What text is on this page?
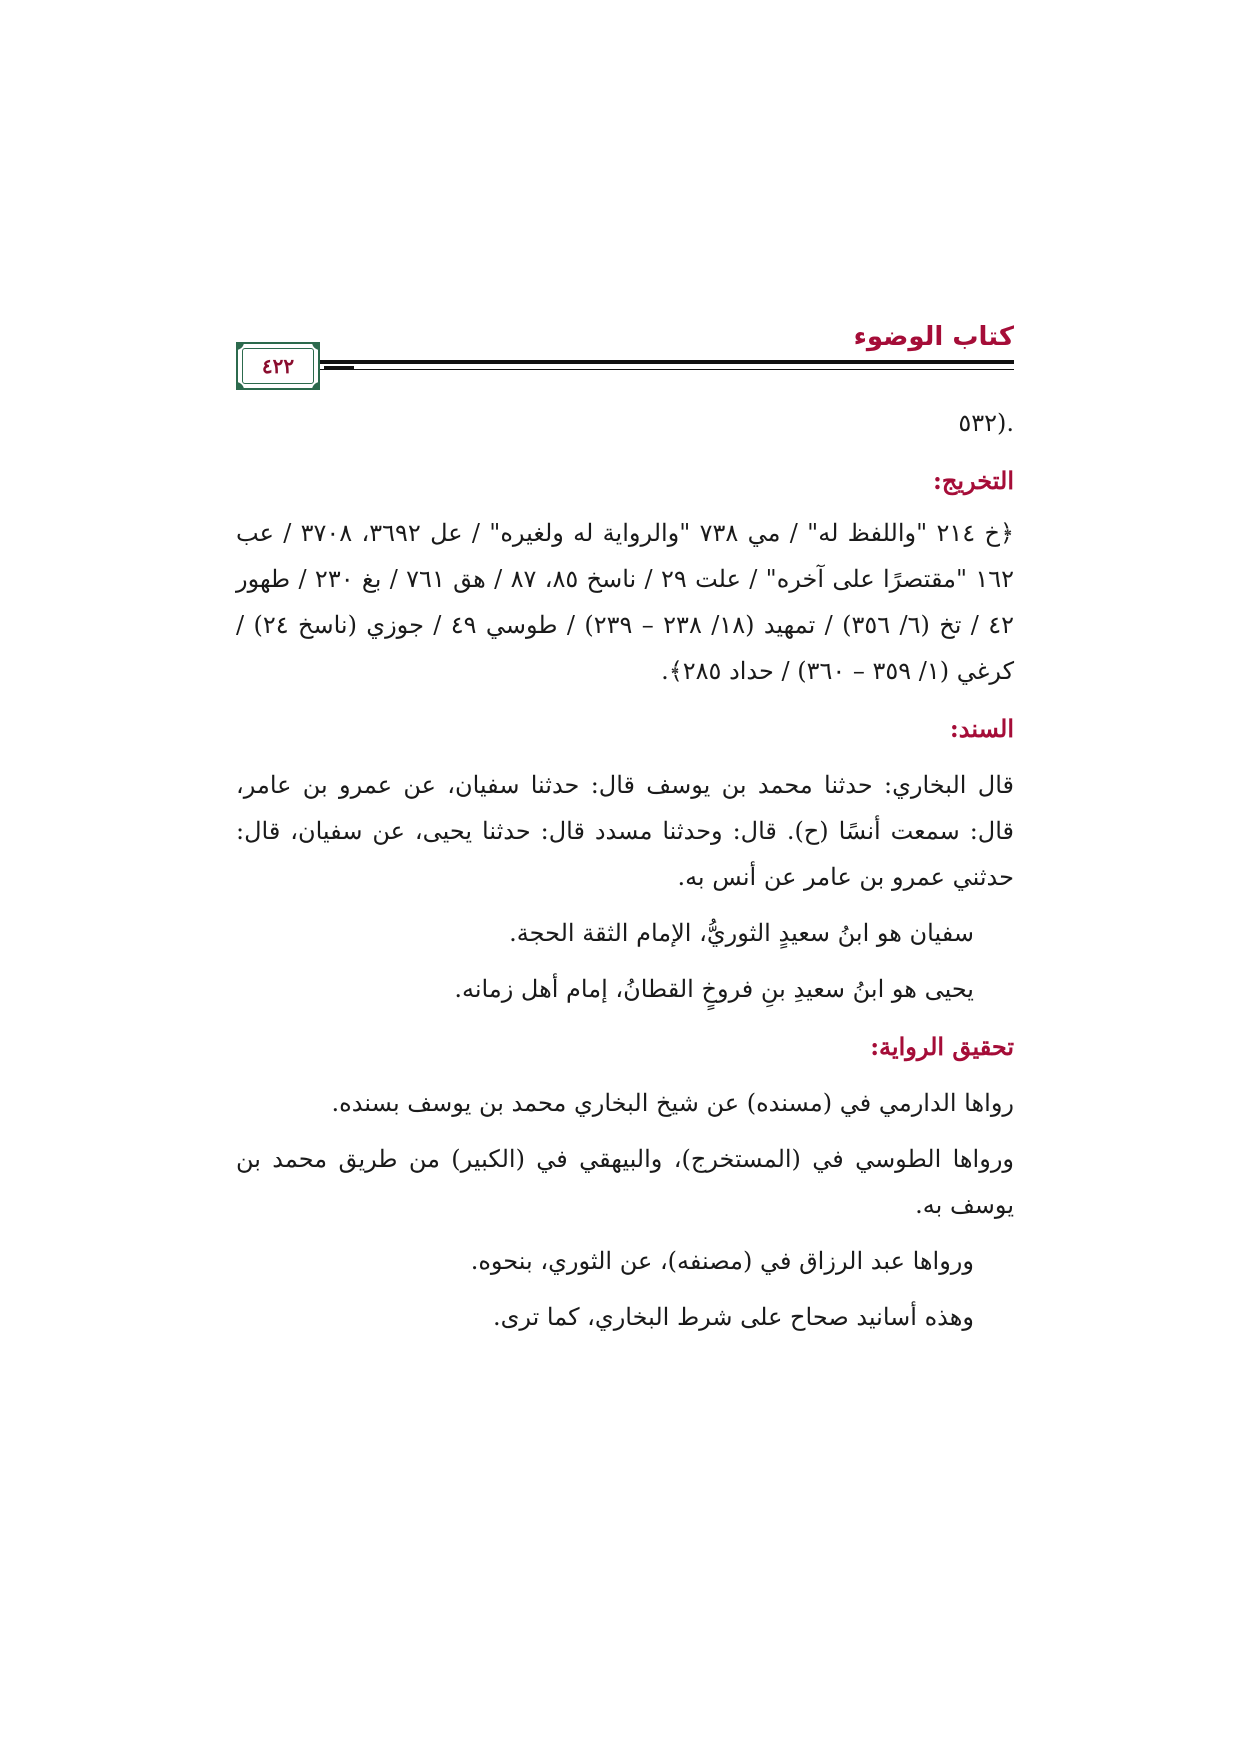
كتاب الوضوء
٤٢٢
.(٥٣٢
التخريج:
﴿خ ٢١٤ "واللفظ له" / مي ٧٣٨ "والرواية له ولغيره" / عل ٣٦٩٢، ٣٧٠٨ / عب ١٦٢ "مقتصرًا على آخره" / علت ٢٩ / ناسخ ٨٥، ٨٧ / هق ٧٦١ / بغ ٢٣٠ / طهور ٤٢ / تخ (٦/ ٣٥٦) / تمهيد (١٨/ ٢٣٨ – ٢٣٩) / طوسي ٤٩ / جوزي (ناسخ ٢٤) / كرغي (١/ ٣٥٩ – ٣٦٠) / حداد ٢٨٥﴾.
السند:
قال البخاري: حدثنا محمد بن يوسف قال: حدثنا سفيان، عن عمرو بن عامر، قال: سمعت أنسًا (ح). قال: وحدثنا مسدد قال: حدثنا يحيى، عن سفيان، قال: حدثني عمرو بن عامر عن أنس به.
سفيان هو ابنُ سعيدٍ الثوريُّ، الإمام الثقة الحجة.
يحيى هو ابنُ سعيدِ بنِ فروخٍ القطانُ، إمام أهل زمانه.
تحقيق الرواية:
رواها الدارمي في (مسنده) عن شيخ البخاري محمد بن يوسف بسنده.
ورواها الطوسي في (المستخرج)، والبيهقي في (الكبير) من طريق محمد بن يوسف به.
ورواها عبد الرزاق في (مصنفه)، عن الثوري، بنحوه.
وهذه أسانيد صحاح على شرط البخاري، كما ترى.
